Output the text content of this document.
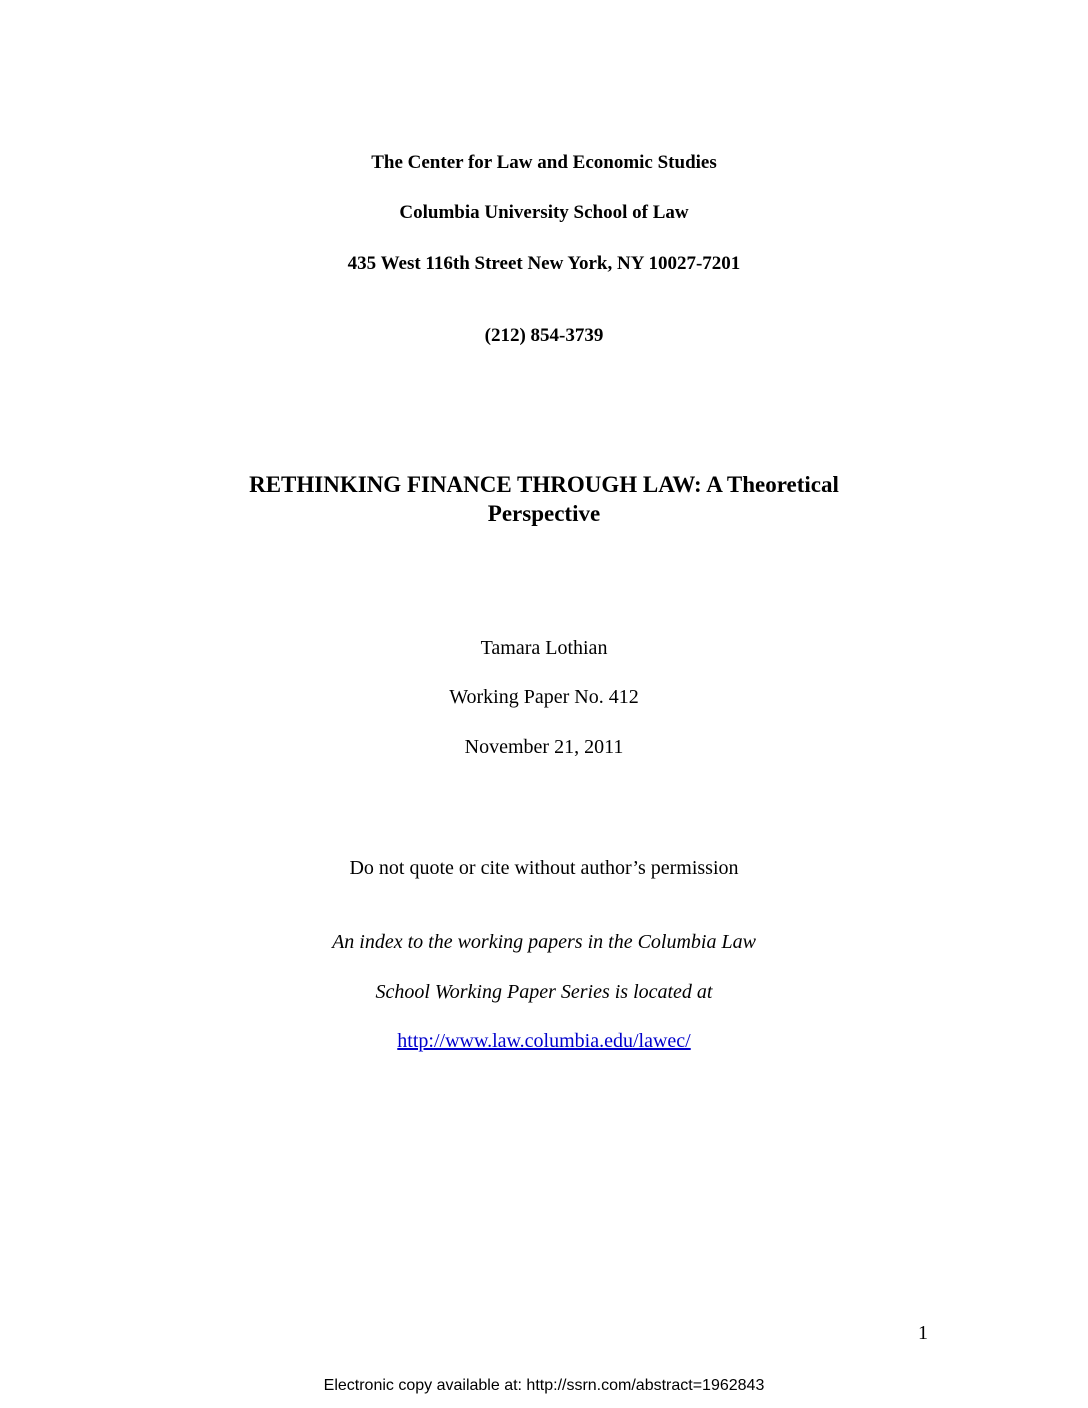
The Center for Law and Economic Studies
Columbia University School of Law
435 West 116th Street New York, NY 10027-7201
(212) 854-3739
RETHINKING FINANCE THROUGH LAW: A Theoretical
Perspective
Tamara Lothian
Working Paper No. 412
November 21, 2011
Do not quote or cite without author’s permission
An index to the working papers in the Columbia Law
School Working Paper Series is located at
http://www.law.columbia.edu/lawec/
1
Electronic copy available at: http://ssrn.com/abstract=1962843
